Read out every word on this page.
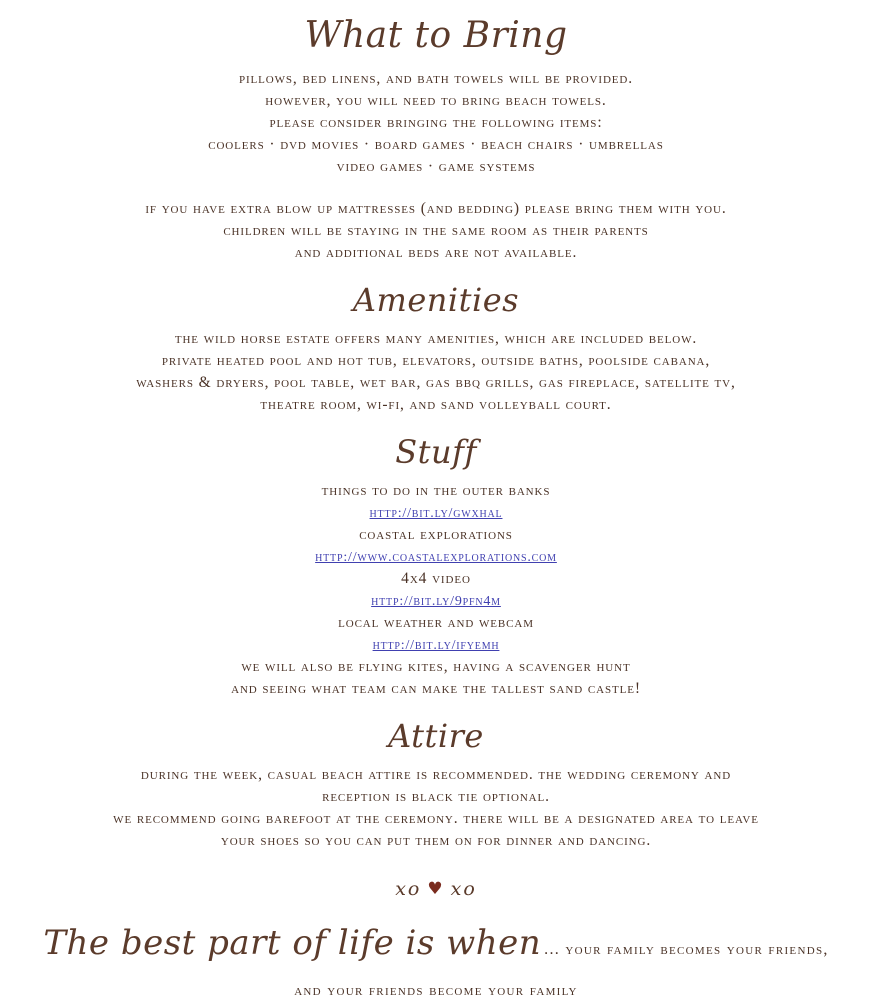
What to Bring

pillows, bed linens, and bath towels will be provided.

however, you will need to bring beach towels.

please consider bringing the following items:

coolers · dvd movies · board games · beach chairs · umbrellas

video games · game systems

if you have extra blow up mattresses (and bedding) please bring them with you.

children will be staying in the same room as their parents

and additional beds are not available.

Amenities

the wild horse estate offers many amenities, which are included below.

private heated pool and hot tub, elevators, outside baths, poolside cabana,

washers & dryers, pool table, wet bar, gas bbq grills, gas fireplace, satellite tv,

theatre room, wi-fi, and sand volleyball court.

Stuff

things to do in the outer banks

http://bit.ly/gwxhal

coastal explorations

http://www.coastalexplorations.com

4x4 video

http://bit.ly/9pfn4m

local weather and webcam

http://bit.ly/ifyemh

we will also be flying kites, having a scavenger hunt

and seeing what team can make the tallest sand castle!

Attire

during the week, casual beach attire is recommended. the wedding ceremony and

reception is black tie optional.

we recommend going barefoot at the ceremony. there will be a designated area to leave

your shoes so you can put them on for dinner and dancing.

xo ♥ xo
The best part of life is when ... your family becomes your friends,
and your friends become your family
